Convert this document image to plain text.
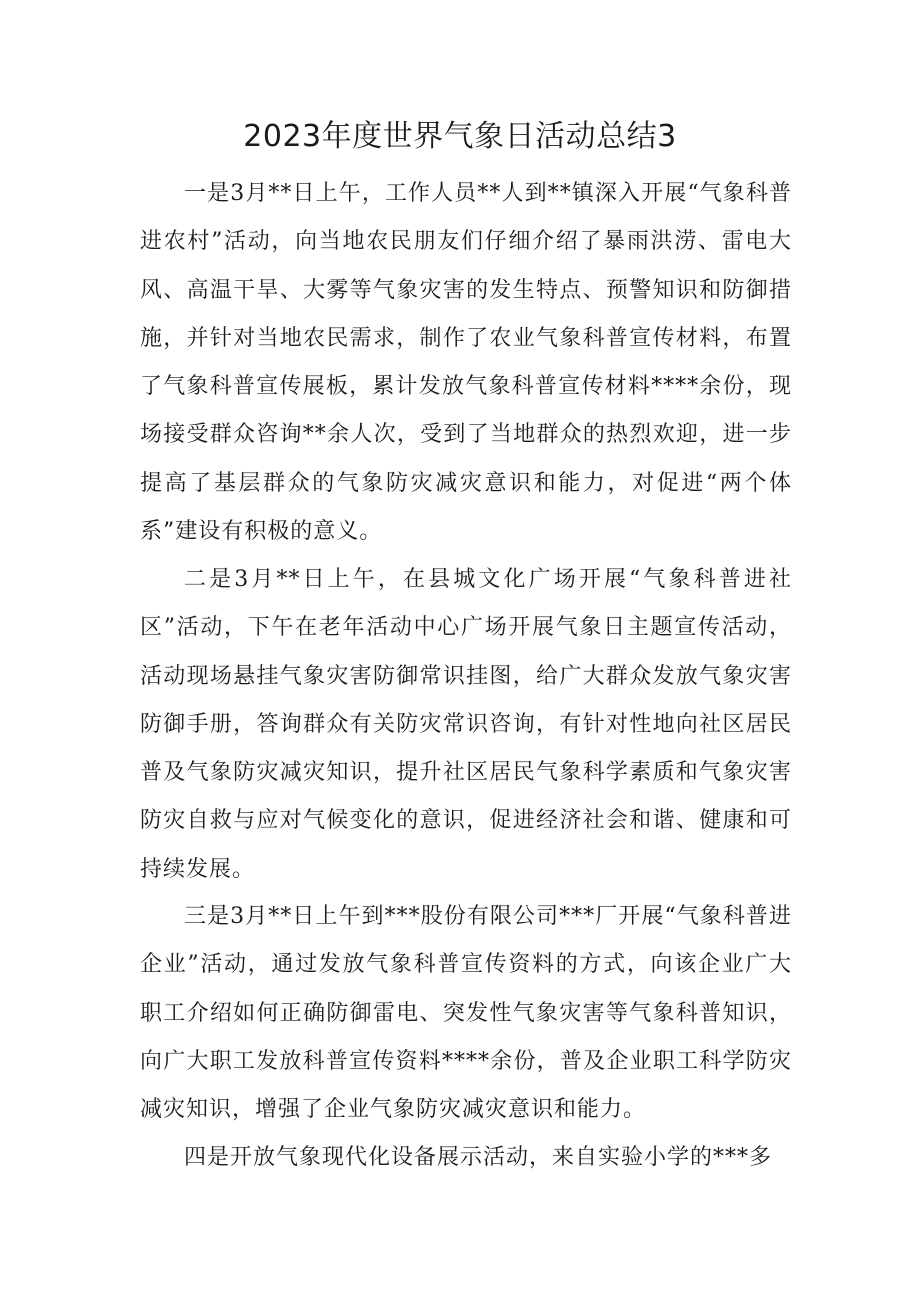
2023年度世界气象日活动总结3

一是3月**日上午，工作人员**人到**镇深入开展“气象科普进农村”活动，向当地农民朋友们仔细介绍了暴雨洪涝、雷电大风、高温干旱、大雾等气象灾害的发生特点、预警知识和防御措施，并针对当地农民需求，制作了农业气象科普宣传材料，布置了气象科普宣传展板，累计发放气象科普宣传材料****余份，现场接受群众咨询**余人次，受到了当地群众的热烈欢迎，进一步提高了基层群众的气象防灾减灾意识和能力，对促进“两个体系”建设有积极的意义。

二是3月**日上午，在县城文化广场开展“气象科普进社区”活动，下午在老年活动中心广场开展气象日主题宣传活动，活动现场悬挂气象灾害防御常识挂图，给广大群众发放气象灾害防御手册，答询群众有关防灾常识咨询，有针对性地向社区居民普及气象防灾减灾知识，提升社区居民气象科学素质和气象灾害防灾自救与应对气候变化的意识，促进经济社会和谐、健康和可持续发展。

三是3月**日上午到***股份有限公司***厂开展“气象科普进企业”活动，通过发放气象科普宣传资料的方式，向该企业广大职工介绍如何正确防御雷电、突发性气象灾害等气象科普知识，向广大职工发放科普宣传资料****余份，普及企业职工科学防灾减灾知识，增强了企业气象防灾减灾意识和能力。

四是开放气象现代化设备展示活动，来自实验小学的***多
